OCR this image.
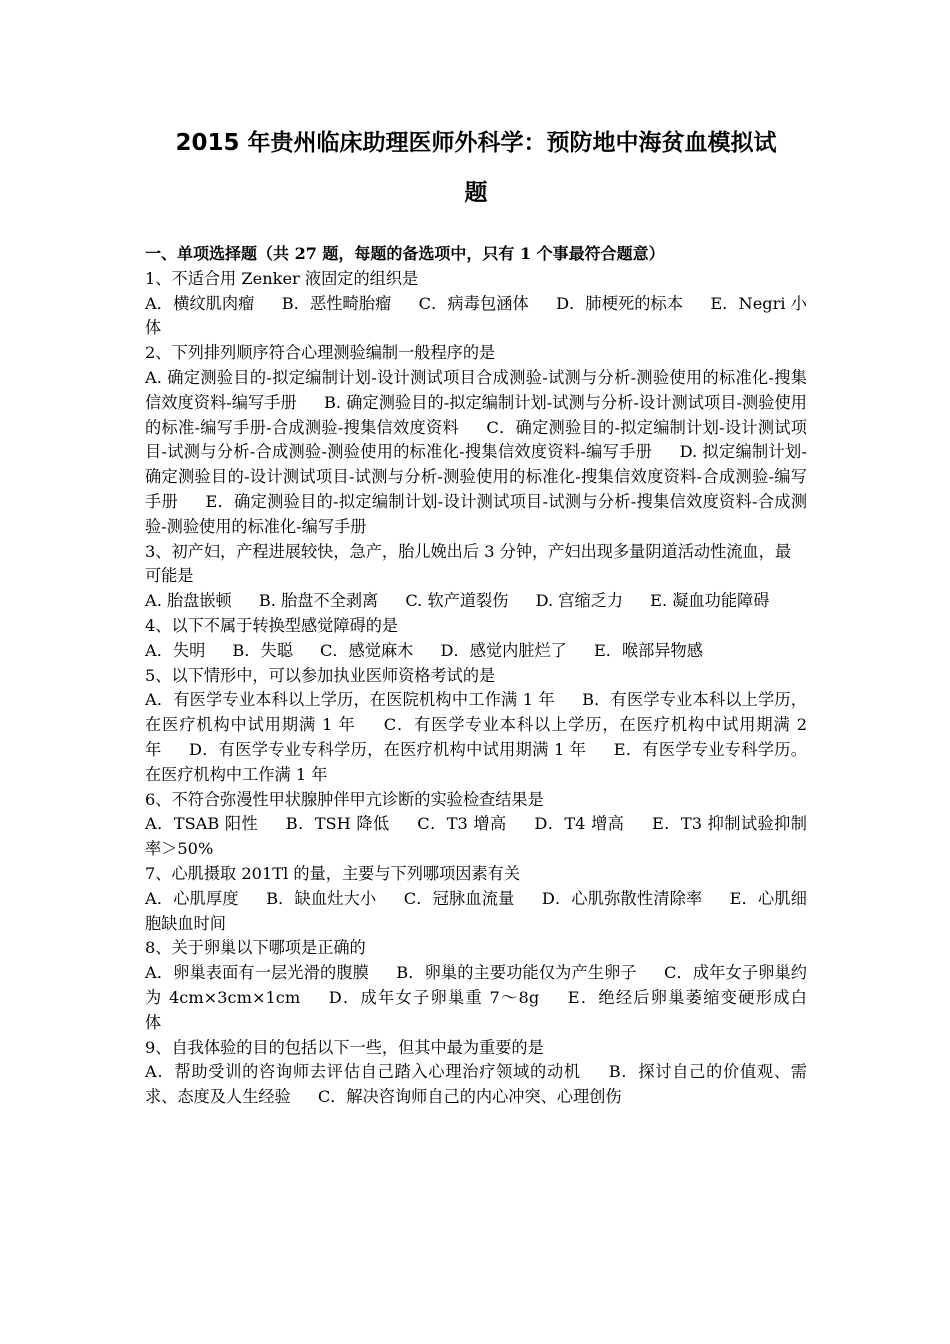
2015 年贵州临床助理医师外科学：预防地中海贫血模拟试
题
一、单项选择题（共 27 题，每题的备选项中，只有 1 个事最符合题意）
1、不适合用 Zenker 液固定的组织是
A．横纹肌肉瘤 B．恶性畸胎瘤 C．病毒包涵体 D．肺梗死的标本 E．Negri 小体
2、下列排列顺序符合心理测验编制一般程序的是
A. 确定测验目的-拟定编制计划-设计测试项目合成测验-试测与分析-测验使用的标准化-搜集信效度资料-编写手册 B. 确定测验目的-拟定编制计划-试测与分析-设计测试项目-测验使用的标准-编写手册-合成测验-搜集信效度资料 C．确定测验目的-拟定编制计划-设计测试项目-试测与分析-合成测验-测验使用的标准化-搜集信效度资料-编写手册 D. 拟定编制计划-确定测验目的-设计测试项目-试测与分析-测验使用的标准化-搜集信效度资料-合成测验-编写手册 E．确定测验目的-拟定编制计划-设计测试项目-试测与分析-搜集信效度资料-合成测验-测验使用的标准化-编写手册
3、初产妇，产程进展较快，急产，胎儿娩出后 3 分钟，产妇出现多量阴道活动性流血，最可能是
A. 胎盘嵌顿 B. 胎盘不全剥离 C. 软产道裂伤 D. 宫缩乏力 E. 凝血功能障碍
4、以下不属于转换型感觉障碍的是
A．失明 B．失聪 C．感觉麻木 D．感觉内脏烂了 E．喉部异物感
5、以下情形中，可以参加执业医师资格考试的是
A．有医学专业本科以上学历，在医院机构中工作满 1 年 B．有医学专业本科以上学历，在医疗机构中试用期满 1 年 C．有医学专业本科以上学历，在医疗机构中试用期满 2 年 D．有医学专业专科学历，在医疗机构中试用期满 1 年 E．有医学专业专科学历。在医疗机构中工作满 1 年
6、不符合弥漫性甲状腺肿伴甲亢诊断的实验检查结果是
A．TSAB 阳性 B．TSH 降低 C．T3 增高 D．T4 增高 E．T3 抑制试验抑制率＞50%
7、心肌摄取 201Tl 的量，主要与下列哪项因素有关
A．心肌厚度 B．缺血灶大小 C．冠脉血流量 D．心肌弥散性清除率 E．心肌细胞缺血时间
8、关于卵巢以下哪项是正确的
A．卵巢表面有一层光滑的腹膜 B．卵巢的主要功能仅为产生卵子 C．成年女子卵巢约为 4cm×3cm×1cm D．成年女子卵巢重 7～8g E．绝经后卵巢萎缩变硬形成白体
9、自我体验的目的包括以下一些，但其中最为重要的是
A．帮助受训的咨询师去评估自己踏入心理治疗领域的动机 B．探讨自己的价值观、需求、态度及人生经验 C．解决咨询师自己的内心冲突、心理创伤
